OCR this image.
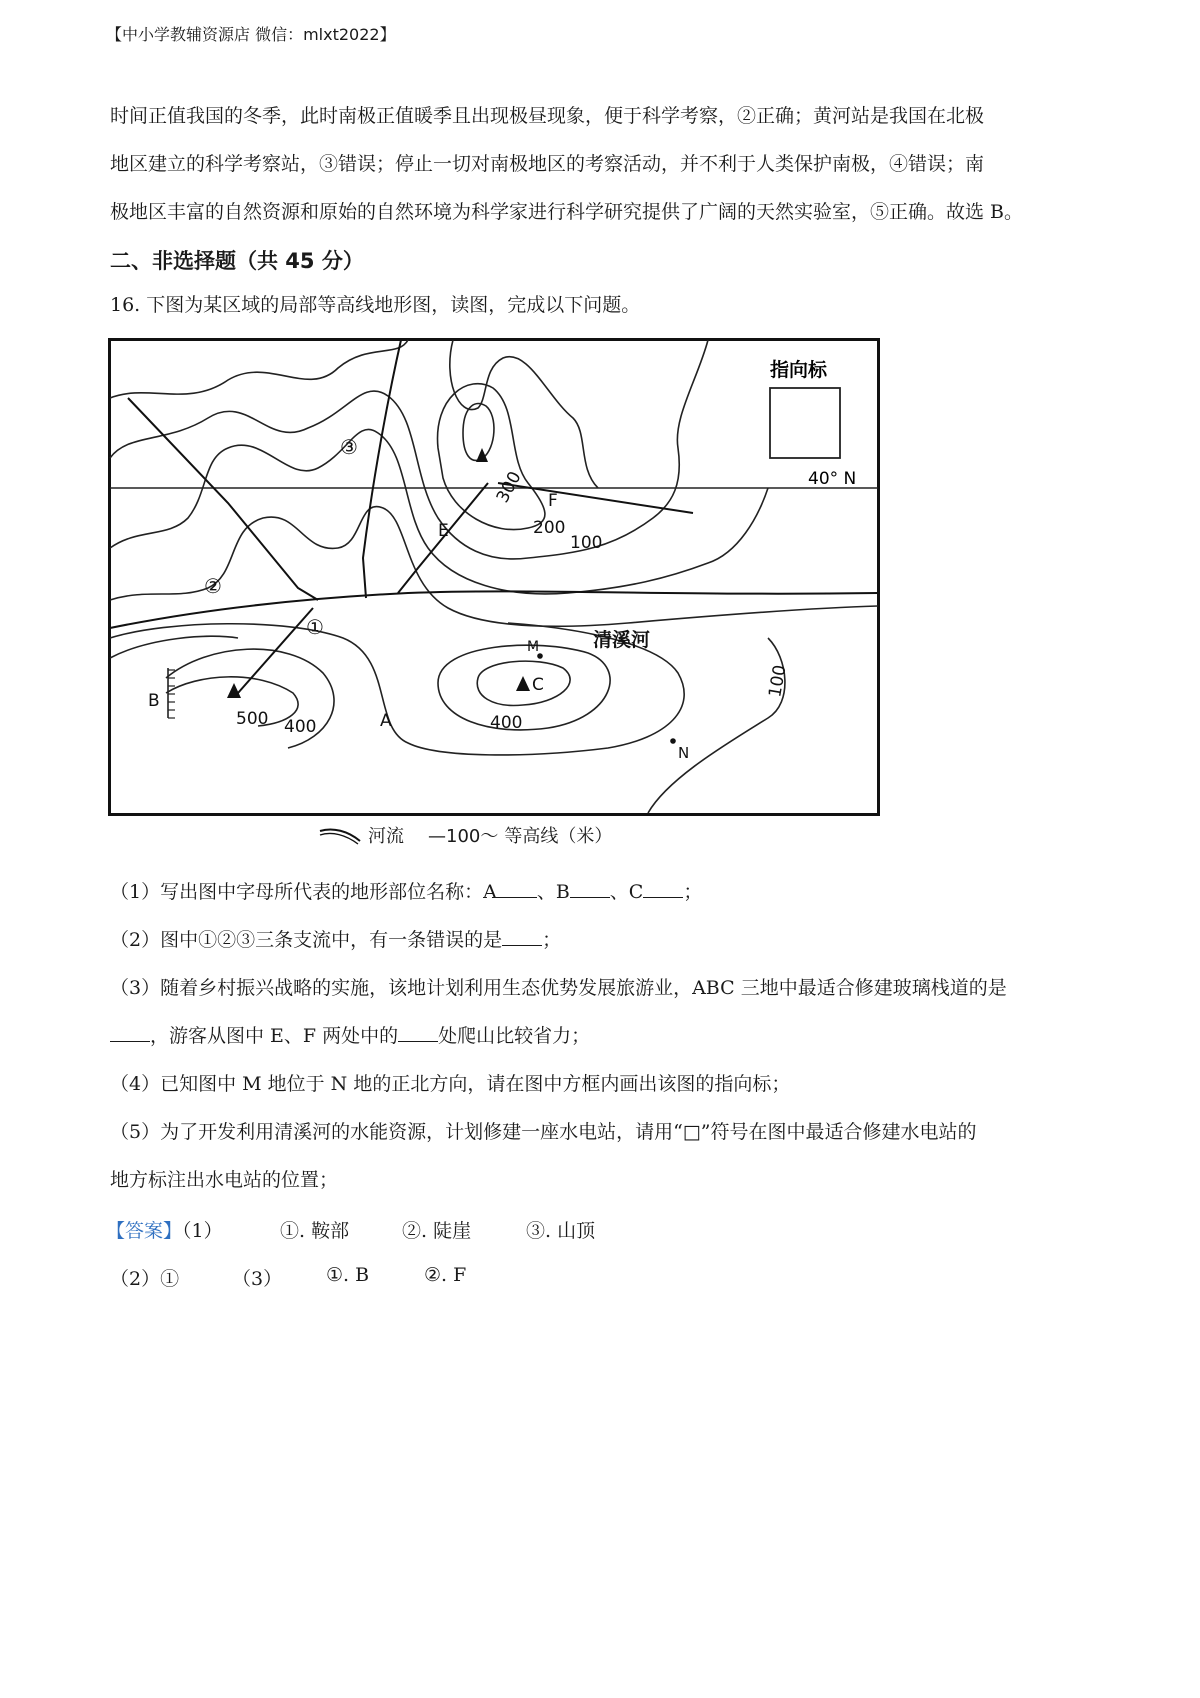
【中小学教辅资源店 微信：mlxt2022】
时间正值我国的冬季，此时南极正值暖季且出现极昼现象，便于科学考察，②正确；黄河站是我国在北极
地区建立的科学考察站，③错误；停止一切对南极地区的考察活动，并不利于人类保护南极，④错误；南
极地区丰富的自然资源和原始的自然环境为科学家进行科学研究提供了广阔的天然实验室，⑤正确。故选 B。
二、非选择题（共 45 分）
16. 下图为某区域的局部等高线地形图，读图，完成以下问题。
指向标
40° N
300
200
100
500 400	400
100
A
B
C
E
F
M
N
清溪河
①
②
③
河流 —100～ 等高线（米）
（1）写出图中字母所代表的地形部位名称：A 、B 、C ；
（2）图中①②③三条支流中，有一条错误的是 ；
（3）随着乡村振兴战略的实施，该地计划利用生态优势发展旅游业，ABC 三地中最适合修建玻璃栈道的是
，游客从图中 E、F 两处中的 处爬山比较省力；
（4）已知图中 M 地位于 N 地的正北方向，请在图中方框内画出该图的指向标；
（5）为了开发利用清溪河的水能资源，计划修建一座水电站，请用“□”符号在图中最适合修建水电站的
地方标注出水电站的位置；
【答案】（1）	①. 鞍部	②. 陡崖	③. 山顶
（2）①	（3） ①. B	②. F
